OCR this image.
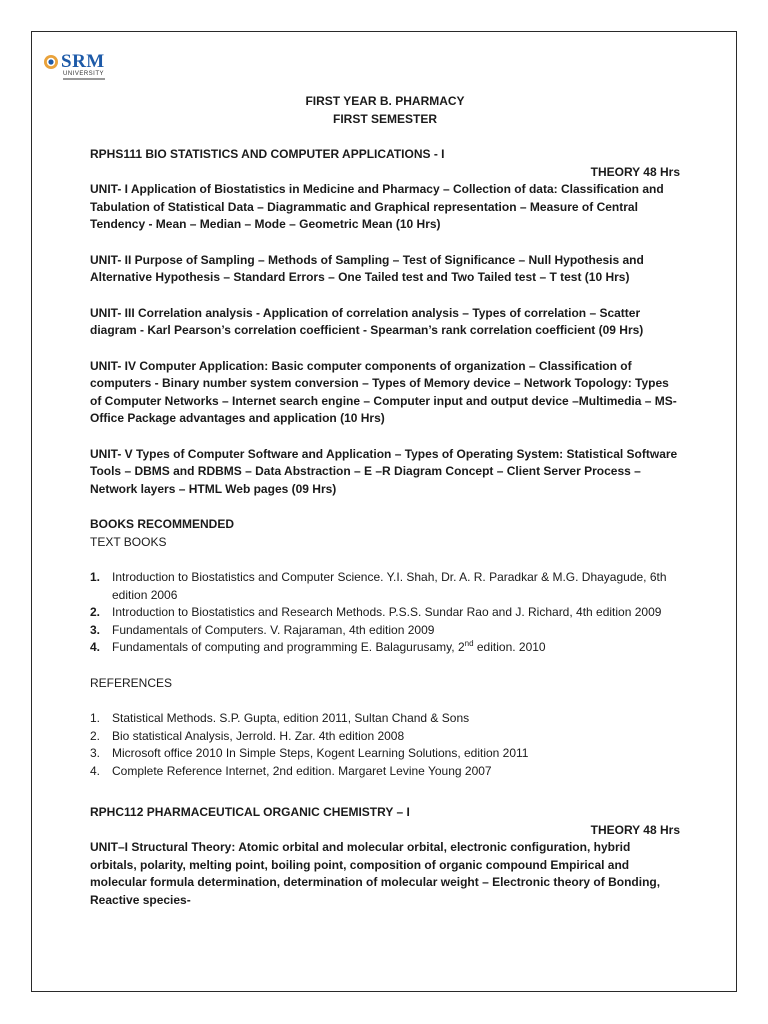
SRM
UNIVERSITY

FIRST YEAR B. PHARMACY

FIRST SEMESTER

RPHS111 BIO STATISTICS AND COMPUTER APPLICATIONS - I

THEORY 48 Hrs

UNIT- I Application of Biostatistics in Medicine and Pharmacy – Collection of data: Classification and Tabulation of Statistical Data – Diagrammatic and Graphical representation – Measure of Central Tendency - Mean – Median – Mode – Geometric Mean (10 Hrs)

UNIT- II Purpose of Sampling – Methods of Sampling – Test of Significance – Null Hypothesis and Alternative Hypothesis – Standard Errors – One Tailed test and Two Tailed test – T test (10 Hrs)

UNIT- III Correlation analysis - Application of correlation analysis – Types of correlation – Scatter diagram - Karl Pearson’s correlation coefficient - Spearman’s rank correlation coefficient (09 Hrs)

UNIT- IV Computer Application: Basic computer components of organization – Classification of computers - Binary number system conversion – Types of Memory device – Network Topology: Types of Computer Networks – Internet search engine – Computer input and output device –Multimedia – MS-Office Package advantages and application (10 Hrs)

UNIT- V Types of Computer Software and Application – Types of Operating System: Statistical Software Tools – DBMS and RDBMS – Data Abstraction – E –R Diagram Concept – Client Server Process – Network layers – HTML Web pages (09 Hrs)

BOOKS RECOMMENDED

TEXT BOOKS

1. Introduction to Biostatistics and Computer Science. Y.I. Shah, Dr. A. R. Paradkar & M.G. Dhayagude, 6th edition 2006
2. Introduction to Biostatistics and Research Methods. P.S.S. Sundar Rao and J. Richard, 4th edition 2009
3. Fundamentals of Computers. V. Rajaraman, 4th edition 2009
4. Fundamentals of computing and programming E. Balagurusamy, 2nd edition. 2010

REFERENCES

1. Statistical Methods. S.P. Gupta, edition 2011, Sultan Chand & Sons
2. Bio statistical Analysis, Jerrold. H. Zar. 4th edition 2008
3. Microsoft office 2010 In Simple Steps, Kogent Learning Solutions, edition 2011
4. Complete Reference Internet, 2nd edition. Margaret Levine Young 2007

RPHC112 PHARMACEUTICAL ORGANIC CHEMISTRY – I

THEORY 48 Hrs

UNIT–I Structural Theory: Atomic orbital and molecular orbital, electronic configuration, hybrid orbitals, polarity, melting point, boiling point, composition of organic compound Empirical and molecular formula determination, determination of molecular weight – Electronic theory of Bonding, Reactive species-
